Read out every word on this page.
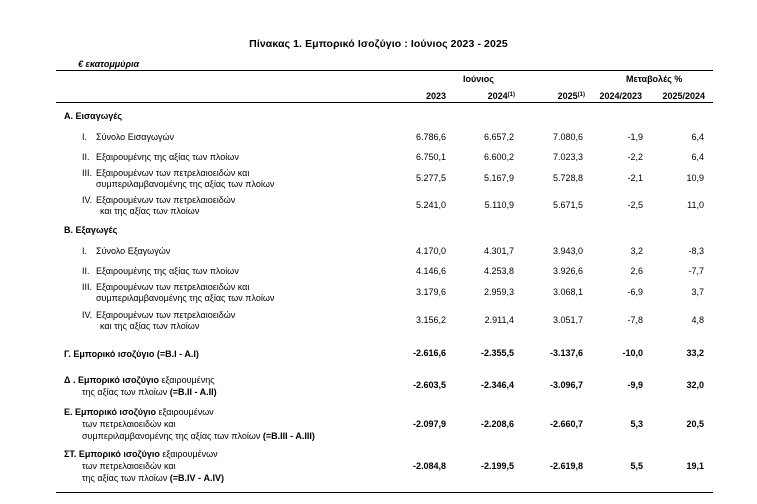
Πίνακας 1. Εμπορικό Ισοζύγιο : Ιούνιος 2023 - 2025
€ εκατομμύρια
Ιούνιος	Μεταβολές %
2023	2024$^{(1)}$	2025$^{(1)}$	2024/2023	2025/2024
Α. Εισαγωγές
I. Σύνολο Εισαγωγών	6.786,6	6.657,2	7.080,6	-1,9	6,4
II. Εξαιρουμένης της αξίας των πλοίων	6.750,1	6.600,2	7.023,3	-2,2	6,4
III. Εξαιρουμένων των πετρελαιοειδών και
συμπεριλαμβανομένης της αξίας των πλοίων
5.277,5	5.167,9	5.728,8	-2,1	10,9
IV. Εξαιρουμένων των πετρελαιοειδών
και της αξίας των πλοίων
5.241,0	5.110,9	5.671,5	-2,5	11,0
Β. Εξαγωγές
I. Σύνολο Εξαγωγών	4.170,0	4.301,7	3.943,0	3,2	-8,3
II. Εξαιρουμένης της αξίας των πλοίων	4.146,6	4.253,8	3.926,6	2,6	-7,7
III. Εξαιρουμένων των πετρελαιοειδών και
συμπεριλαμβανομένης της αξίας των πλοίων
3.179,6	2.959,3	3.068,1	-6,9	3,7
IV. Εξαιρουμένων των πετρελαιοειδών
και της αξίας των πλοίων
3.156,2	2.911,4	3.051,7	-7,8	4,8
Γ. Εμπορικό ισοζύγιο (=Β.Ι - Α.Ι)	-2.616,6	-2.355,5	-3.137,6	-10,0	33,2
Δ . Εμπορικό ισοζύγιο εξαιρουμένης
της αξίας των πλοίων (=Β.ΙΙ - Α.ΙΙ)
-2.603,5	-2.346,4	-3.096,7	-9,9	32,0
Ε. Εμπορικό ισοζύγιο εξαιρουμένων
των πετρελαιοειδών και
συμπεριλαμβανομένης της αξίας των πλοίων (=Β.ΙΙΙ - Α.ΙΙΙ)
-2.097,9	-2.208,6	-2.660,7	5,3	20,5
ΣΤ. Εμπορικό ισοζύγιο εξαιρουμένων
των πετρελαιοειδών και
της αξίας των πλοίων (=Β.ΙV - Α.ΙV)
-2.084,8	-2.199,5	-2.619,8	5,5	19,1
